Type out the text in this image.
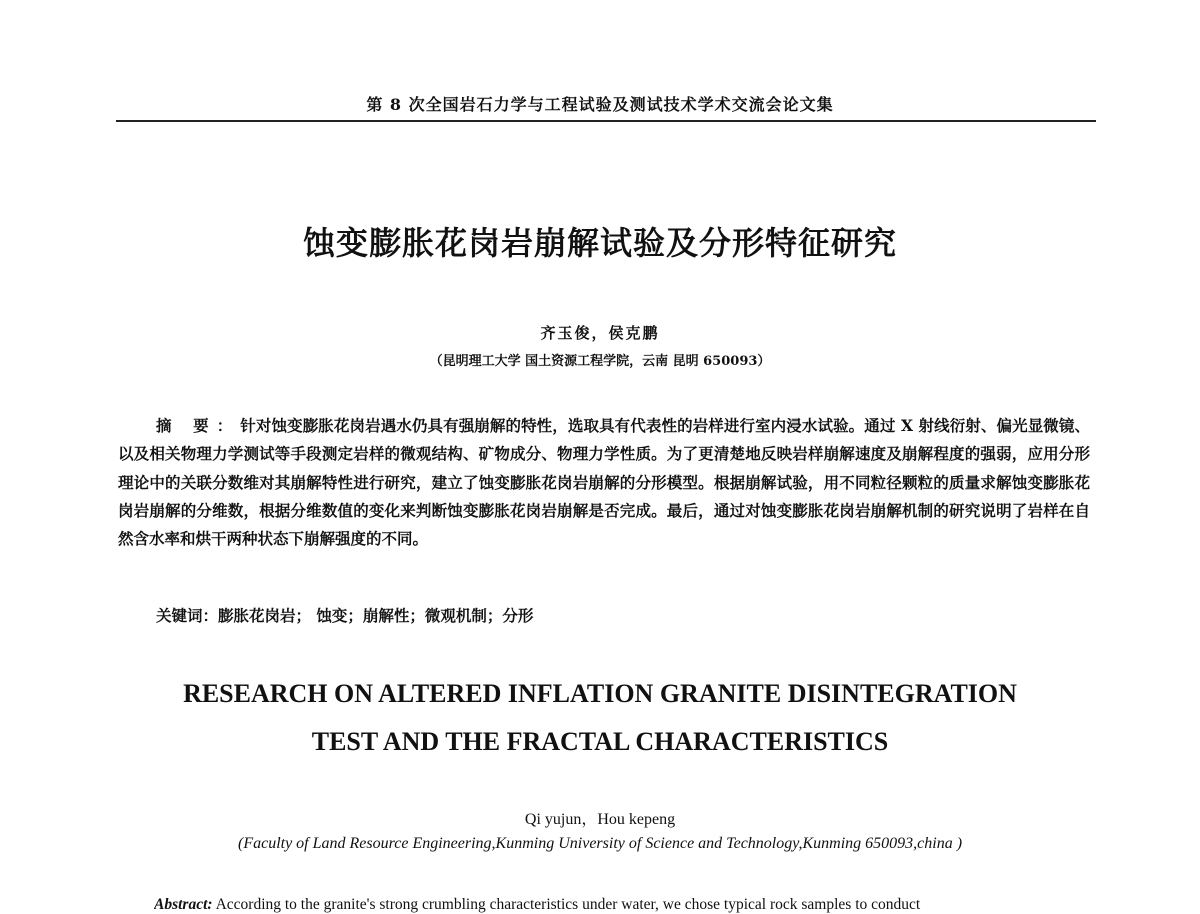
第 8 次全国岩石力学与工程试验及测试技术学术交流会论文集
蚀变膨胀花岗岩崩解试验及分形特征研究
齐玉俊，侯克鹏
（昆明理工大学 国土资源工程学院，云南 昆明 650093）
摘 要：针对蚀变膨胀花岗岩遇水仍具有强崩解的特性，选取具有代表性的岩样进行室内浸水试验。通过 X 射线衍射、偏光显微镜、以及相关物理力学测试等手段测定岩样的微观结构、矿物成分、物理力学性质。为了更清楚地反映岩样崩解速度及崩解程度的强弱，应用分形理论中的关联分数维对其崩解特性进行研究，建立了蚀变膨胀花岗岩崩解的分形模型。根据崩解试验，用不同粒径颗粒的质量求解蚀变膨胀花岗岩崩解的分维数，根据分维数值的变化来判断蚀变膨胀花岗岩崩解是否完成。最后，通过对蚀变膨胀花岗岩崩解机制的研究说明了岩样在自然含水率和烘干两种状态下崩解强度的不同。
关键词：膨胀花岗岩； 蚀变；崩解性；微观机制；分形
RESEARCH ON ALTERED INFLATION GRANITE DISINTEGRATION
TEST AND THE FRACTAL CHARACTERISTICS
Qi yujun，Hou kepeng
(Faculty of Land Resource Engineering,Kunming University of Science and Technology,Kunming 650093,china )
Abstract: According to the granite's strong crumbling characteristics under water, we chose typical rock samples to conduct
